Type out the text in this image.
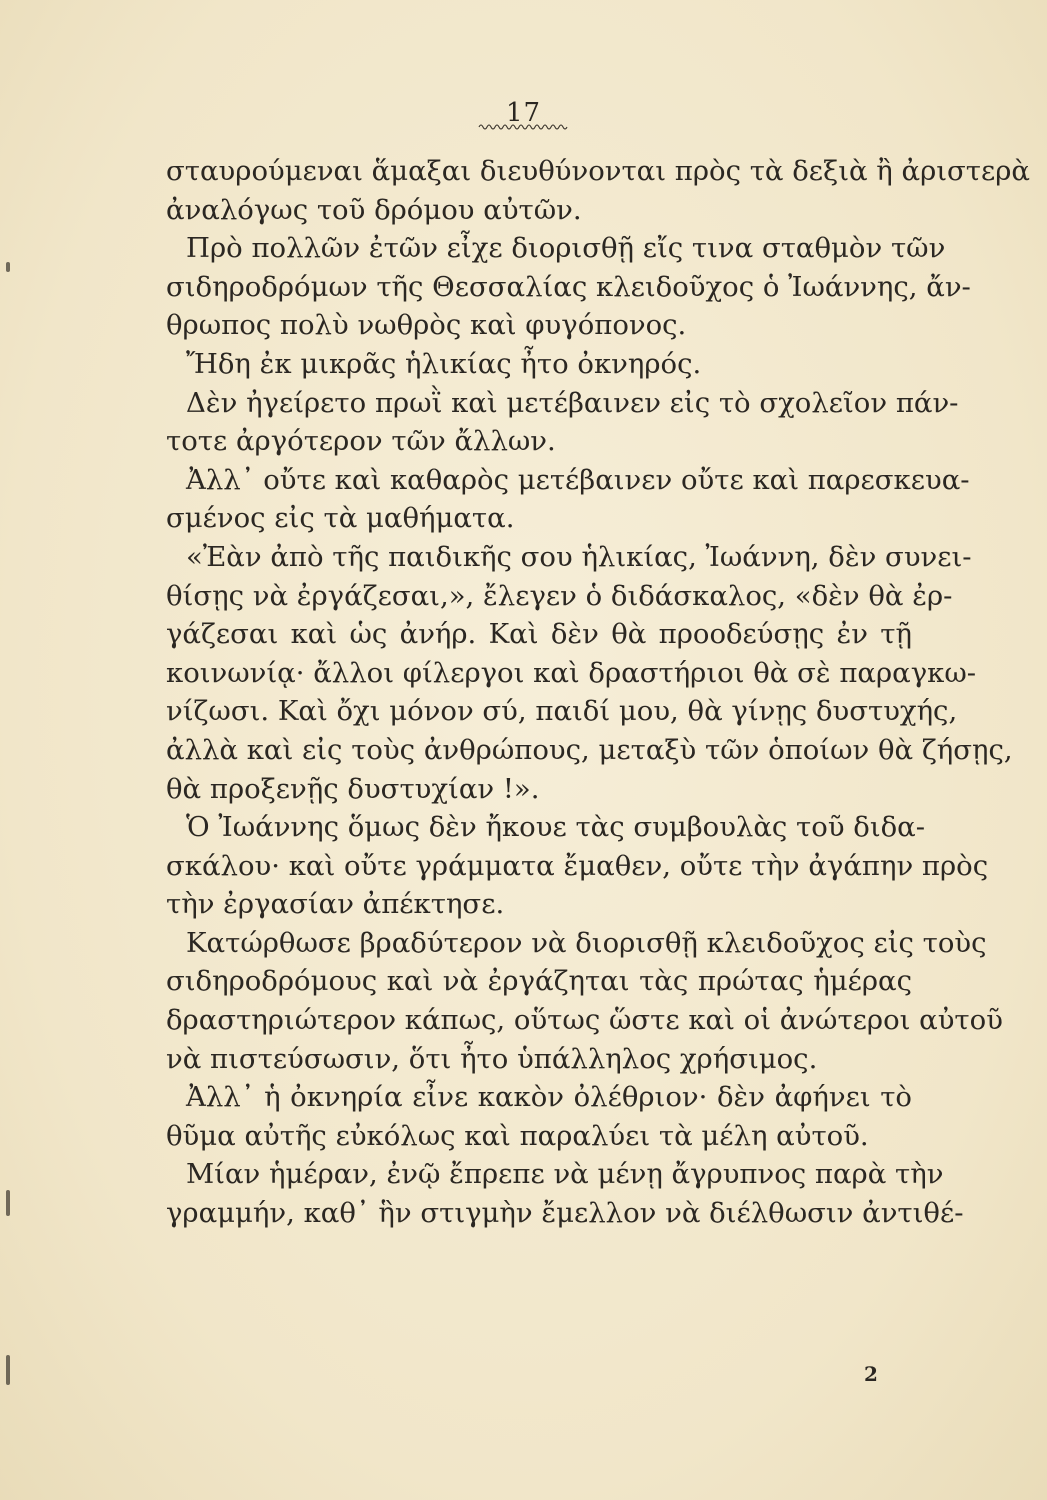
17
σταυρούμεναι ἅμαξαι διευθύνονται πρὸς τὰ δεξιὰ ἢ ἀριστερὰ
ἀναλόγως τοῦ δρόμου αὐτῶν.
Πρὸ πολλῶν ἐτῶν εἶχε διορισθῇ εἴς τινα σταθμὸν τῶν
σιδηροδρόμων τῆς Θεσσαλίας κλειδοῦχος ὁ Ἰωάννης, ἄν-
θρωπος πολὺ νωθρὸς καὶ φυγόπονος.
Ἤδη ἐκ μικρᾶς ἡλικίας ἦτο ὀκνηρός.
Δὲν ἠγείρετο πρωῒ καὶ μετέβαινεν εἰς τὸ σχολεῖον πάν-
τοτε ἀργότερον τῶν ἄλλων.
Ἀλλ᾽ οὔτε καὶ καθαρὸς μετέβαινεν οὔτε καὶ παρεσκευα-
σμένος εἰς τὰ μαθήματα.
«Ἐὰν ἀπὸ τῆς παιδικῆς σου ἡλικίας, Ἰωάννη, δὲν συνει-
θίσῃς νὰ ἐργάζεσαι,», ἔλεγεν ὁ διδάσκαλος, «δὲν θὰ ἐρ-
γάζεσαι καὶ ὡς ἀνήρ. Καὶ δὲν θὰ προοδεύσῃς ἐν τῇ
κοινωνίᾳ· ἄλλοι φίλεργοι καὶ δραστήριοι θὰ σὲ παραγκω-
νίζωσι. Καὶ ὄχι μόνον σύ, παιδί μου, θὰ γίνῃς δυστυχής,
ἀλλὰ καὶ εἰς τοὺς ἀνθρώπους, μεταξὺ τῶν ὁποίων θὰ ζήσῃς,
θὰ προξενῇς δυστυχίαν !».
Ὁ Ἰωάννης ὅμως δὲν ἤκουε τὰς συμβουλὰς τοῦ διδα-
σκάλου· καὶ οὔτε γράμματα ἔμαθεν, οὔτε τὴν ἀγάπην πρὸς
τὴν ἐργασίαν ἀπέκτησε.
Κατώρθωσε βραδύτερον νὰ διορισθῇ κλειδοῦχος εἰς τοὺς
σιδηροδρόμους καὶ νὰ ἐργάζηται τὰς πρώτας ἡμέρας
δραστηριώτερον κάπως, οὕτως ὥστε καὶ οἱ ἀνώτεροι αὐτοῦ
νὰ πιστεύσωσιν, ὅτι ἦτο ὑπάλληλος χρήσιμος.
Ἀλλ᾽ ἡ ὀκνηρία εἶνε κακὸν ὀλέθριον· δὲν ἀφήνει τὸ
θῦμα αὐτῆς εὐκόλως καὶ παραλύει τὰ μέλη αὐτοῦ.
Μίαν ἡμέραν, ἐνῷ ἔπρεπε νὰ μένῃ ἄγρυπνος παρὰ τὴν
γραμμήν, καθ᾽ ἣν στιγμὴν ἔμελλον νὰ διέλθωσιν ἀντιθέ-
2
